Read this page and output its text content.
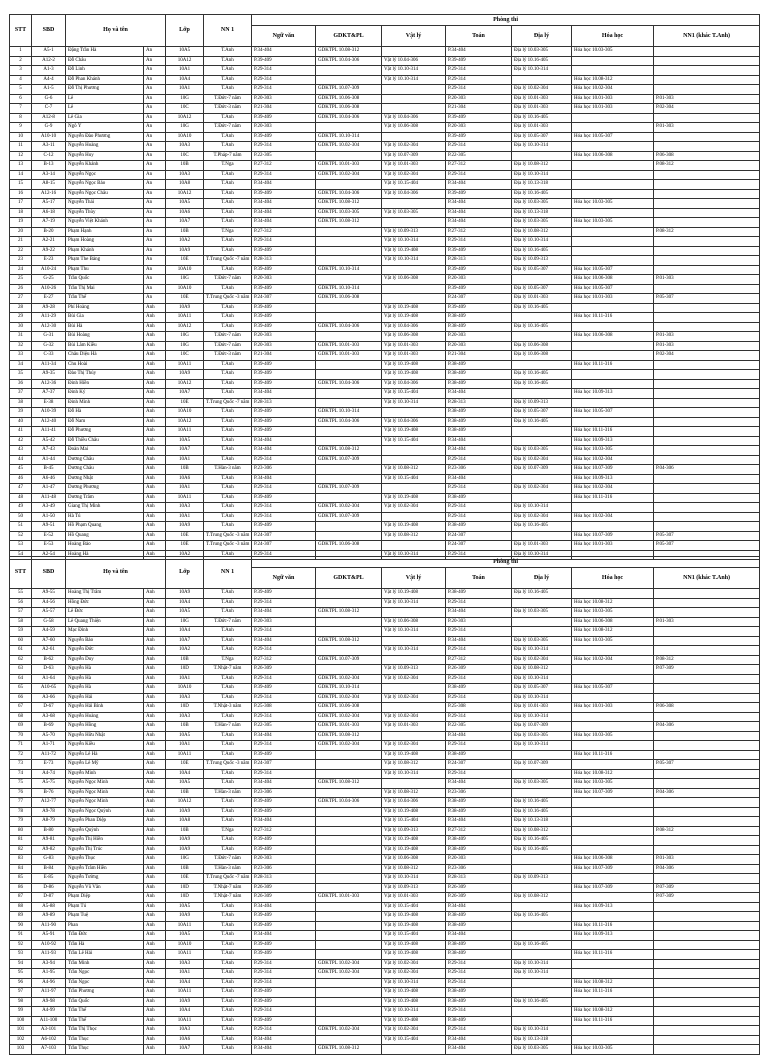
STT	SBD	Họ và tên		Lớp	NN 1	Phòng thi						
						Ngữ văn	GDKT&PL	Vật lý	Toán	Địa lý	Hóa học	NN1 (khác T.Anh)
1	A5-1	Đặng Trần Hà	An	10A5	T.Anh	P.34-404	GDKTPL 10.08-312		P.34-404	Địa lý 10.03-305	Hóa học 10.03-305	
2	A12-2	Đỗ Châu	An	10A12	T.Anh	P.39-409	GDKTPL 10.04-306	Vật lý 10.04-306	P.39-409	Địa lý 10.16-405		
3	A1-3	Đỗ Linh	An	10A1	T.Anh	P.29-314		Vật lý 10.10-314	P.29-314	Địa lý 10.10-314		
4	A4-4	Đỗ Phan Khánh	An	10A4	T.Anh	P.29-314		Vật lý 10.10-314	P.29-314		Hóa học 10.08-312	
5	A1-5	Đỗ Thị Phương	An	10A1	T.Anh	P.29-314	GDKTPL 10.07-309		P.29-314	Địa lý 10.02-304	Hóa học 10.02-304	
6	G-6	Lê	An	10G	T.Đức-7 năm	P.20-303	GDKTPL 10.06-308		P.20-303	Địa lý 10.01-303	Hóa học 10.01-303	P.01-303
7	C-7	Lê	An	10C	T.Đức-3 năm	P.21-304	GDKTPL 10.06-308		P.21-304	Địa lý 10.01-303	Hóa học 10.01-303	P.02-304
8	A12-8	Lê Gia	An	10A12	T.Anh	P.39-409	GDKTPL 10.04-306	Vật lý 10.04-306	P.39-409	Địa lý 10.16-405		
9	G-9	Ngô Ý	An	10G	T.Đức-7 năm	P.20-303		Vật lý 10.06-308	P.20-303	Địa lý 10.01-303		P.01-303
10	A10-10	Nguyễn Đào Phương	An	10A10	T.Anh	P.39-409	GDKTPL 10.10-314		P.39-409	Địa lý 10.05-307	Hóa học 10.05-307	
11	A3-11	Nguyễn Hoàng	An	10A3	T.Anh	P.29-314	GDKTPL 10.02-304	Vật lý 10.02-304	P.29-314	Địa lý 10.10-314		
12	C-12	Nguyễn Huy	An	10C	T.Pháp-7 năm	P.22-305		Vật lý 10.07-309	P.22-305		Hóa học 10.06-308	P.06-308
13	B-13	Nguyễn Khánh	An	10B	T.Nga	P.27-312	GDKTPL 10.01-303	Vật lý 10.01-303	P.27-312	Địa lý 10.08-312		P.08-312
14	A3-14	Nguyễn Ngọc	An	10A3	T.Anh	P.29-314	GDKTPL 10.02-304	Vật lý 10.02-304	P.29-314	Địa lý 10.10-314		
15	A8-15	Nguyễn Ngọc Bảo	An	10A8	T.Anh	P.34-404		Vật lý 10.15-404	P.34-404	Địa lý 10.13-318		
16	A12-16	Nguyễn Ngọc Châu	An	10A12	T.Anh	P.39-409	GDKTPL 10.04-306	Vật lý 10.04-306	P.39-409	Địa lý 10.16-405		
17	A5-17	Nguyễn Thái	An	10A5	T.Anh	P.34-404	GDKTPL 10.08-312		P.34-404	Địa lý 10.03-305	Hóa học 10.03-305	
18	A6-18	Nguyễn Thùy	An	10A6	T.Anh	P.34-404	GDKTPL 10.03-305	Vật lý 10.03-305	P.34-404	Địa lý 10.13-318		
19	A7-19	Nguyễn Việt Khánh	An	10A7	T.Anh	P.34-404	GDKTPL 10.08-312		P.34-404	Địa lý 10.03-305	Hóa học 10.03-305	
20	B-20	Phạm Hạnh	An	10B	T.Nga	P.27-312		Vật lý 10.09-313	P.27-312	Địa lý 10.08-312		P.08-312
21	A2-21	Phạm Hoàng	An	10A2	T.Anh	P.29-314		Vật lý 10.10-314	P.29-314	Địa lý 10.10-314		
22	A9-22	Phạm Khánh	An	10A9	T.Anh	P.39-409		Vật lý 10.19-408	P.39-409	Địa lý 10.16-405		
23	E-23	Phạm The Bảng	An	10E	T.Trung Quốc -7 năm	P.28-313		Vật lý 10.10-314	P.28-313	Địa lý 10.09-313		
24	A10-24	Phạm Thu	An	10A10	T.Anh	P.39-409	GDKTPL 10.10-314		P.39-409	Địa lý 10.05-307	Hóa học 10.05-307	
25	G-25	Trần Quốc	An	10G	T.Đức-7 năm	P.20-303		Vật lý 10.06-308	P.20-303		Hóa học 10.06-308	P.01-303
26	A10-26	Trần Thị Mai	An	10A10	T.Anh	P.39-409	GDKTPL 10.10-314		P.39-409	Địa lý 10.05-307	Hóa học 10.05-307	
27	E-27	Trần Thế	An	10E	T.Trung Quốc -3 năm	P.24-307	GDKTPL 10.06-308		P.24-307	Địa lý 10.01-303	Hóa học 10.01-303	P.05-307
28	A9-28	Phí Hoàng	Anh	10A9	T.Anh	P.39-409		Vật lý 10.19-408	P.39-409	Địa lý 10.16-405		
29	A11-29	Bùi Gia	Anh	10A11	T.Anh	P.39-409		Vật lý 10.19-408	P.38-409		Hóa học 10.11-316	
30	A12-30	Bùi Hà	Anh	10A12	T.Anh	P.39-409	GDKTPL 10.04-306	Vật lý 10.04-306	P.38-409	Địa lý 10.16-405		
31	G-31	Bùi Hoàng	Anh	10G	T.Đức-7 năm	P.20-303		Vật lý 10.06-308	P.20-303		Hóa học 10.06-308	P.01-303
32	G-32	Bùi Lâm Kiều	Anh	10G	T.Đức-7 năm	P.20-303	GDKTPL 10.01-303	Vật lý 10.01-303	P.20-303	Địa lý 10.06-308		P.01-303
33	C-33	Châu Diệu Hà	Anh	10C	T.Đức-3 năm	P.21-304	GDKTPL 10.01-303	Vật lý 10.01-303	P.21-304	Địa lý 10.06-308		P.02-304
34	A11-34	Chu Hoài	Anh	10A11	T.Anh	P.39-409		Vật lý 10.19-408	P.38-409		Hóa học 10.11-316	
35	A9-35	Đào Thị Thúy	Anh	10A9	T.Anh	P.39-409		Vật lý 10.19-408	P.38-409	Địa lý 10.16-405		
36	A12-36	Đinh Hiền	Anh	10A12	T.Anh	P.39-409	GDKTPL 10.04-306	Vật lý 10.04-306	P.38-409	Địa lý 10.16-405		
37	A7-37	Đinh Ký	Anh	10A7	T.Anh	P.34-404		Vật lý 10.15-404	P.34-404		Hóa học 10.09-313	
38	E-38	Đinh Minh	Anh	10E	T.Trung Quốc -7 năm	P.28-313		Vật lý 10.10-314	P.28-313	Địa lý 10.09-313		
39	A10-39	Đỗ Hà	Anh	10A10	T.Anh	P.39-409	GDKTPL 10.10-314		P.38-409	Địa lý 10.05-307	Hóa học 10.05-307	
40	A12-40	Đỗ Nam	Anh	10A12	T.Anh	P.39-409	GDKTPL 10.04-306	Vật lý 10.04-306	P.38-409	Địa lý 10.16-405		
41	A11-41	Đỗ Phương	Anh	10A11	T.Anh	P.39-409		Vật lý 10.19-408	P.38-409		Hóa học 10.11-316	
42	A5-42	Đỗ Thiều Châu	Anh	10A5	T.Anh	P.34-404		Vật lý 10.15-404	P.34-404		Hóa học 10.09-313	
43	A7-43	Đoàn Mai	Anh	10A7	T.Anh	P.34-404	GDKTPL 10.08-312		P.34-404	Địa lý 10.03-305	Hóa học 10.03-305	
44	A1-44	Dương Châu	Anh	10A1	T.Anh	P.29-314	GDKTPL 10.07-309		P.29-314	Địa lý 10.02-304	Hóa học 10.02-304	
45	B-45	Dương Châu	Anh	10B	T.Hàn-3 năm	P.23-306		Vật lý 10.08-312	P.23-306	Địa lý 10.07-309	Hóa học 10.07-309	P.04-306
46	A6-46	Dương Nhật	Anh	10A6	T.Anh	P.34-404		Vật lý 10.15-404	P.34-404		Hóa học 10.09-313	
47	A1-47	Dương Phương	Anh	10A1	T.Anh	P.29-314	GDKTPL 10.07-309		P.29-314	Địa lý 10.02-304	Hóa học 10.02-304	
48	A11-48	Dương Trâm	Anh	10A11	T.Anh	P.39-409		Vật lý 10.19-408	P.38-409		Hóa học 10.11-316	
49	A3-49	Giang Thị Minh	Anh	10A3	T.Anh	P.29-314	GDKTPL 10.02-304	Vật lý 10.02-304	P.29-314	Địa lý 10.10-314		
50	A1-50	Hà Tú	Anh	10A1	T.Anh	P.29-314	GDKTPL 10.07-309		P.29-314	Địa lý 10.02-304	Hóa học 10.02-304	
51	A9-51	Hồ Phạm Quang	Anh	10A9	T.Anh	P.39-409		Vật lý 10.19-408	P.38-409	Địa lý 10.16-405		
52	E-52	Hồ Quang	Anh	10E	T.Trung Quốc -3 năm	P.24-307		Vật lý 10.08-312	P.24-307		Hóa học 10.07-309	P.05-307
53	E-53	Hoàng Bảo	Anh	10E	T.Trung Quốc -3 năm	P.24-307	GDKTPL 10.06-308		P.24-307	Địa lý 10.01-303	Hóa học 10.01-303	P.05-307
54	A2-54	Hoàng Hà	Anh	10A2	T.Anh	P.29-314		Vật lý 10.10-314	P.29-314	Địa lý 10.10-314		
STT	SBD	Họ và tên		Lớp	NN 1	Phòng thi						
						Ngữ văn	GDKT&PL	Vật lý	Toán	Địa lý	Hóa học	NN1 (khác T.Anh)
55	A9-55	Hoàng Thị Trâm	Anh	10A9	T.Anh	P.39-409		Vật lý 10.19-408	P.38-409	Địa lý 10.16-405		
56	A4-56	Hồng Đức	Anh	10A4	T.Anh	P.29-314		Vật lý 10.10-314	P.29-314		Hóa học 10.08-312	
57	A5-57	Lê Đức	Anh	10A5	T.Anh	P.34-404	GDKTPL 10.08-312		P.34-404	Địa lý 10.03-305	Hóa học 10.03-305	
58	G-58	Lê Quang Thiện	Anh	10G	T.Đức-7 năm	P.20-303		Vật lý 10.06-308	P.20-303		Hóa học 10.06-308	P.01-303
59	A4-59	Mạc Đình	Anh	10A4	T.Anh	P.29-314		Vật lý 10.10-314	P.29-314		Hóa học 10.08-312	
60	A7-60	Nguyễn Bảo	Anh	10A7	T.Anh	P.34-404	GDKTPL 10.08-312		P.34-404	Địa lý 10.03-305	Hóa học 10.03-305	
61	A2-61	Nguyễn Đức	Anh	10A2	T.Anh	P.29-314		Vật lý 10.10-314	P.29-314	Địa lý 10.10-314		
62	B-62	Nguyễn Duy	Anh	10B	T.Nga	P.27-312	GDKTPL 10.07-309		P.27-312	Địa lý 10.02-304	Hóa học 10.02-304	P.08-312
63	D-63	Nguyễn Hà	Anh	10D	T.Nhật-7 năm	P.26-309		Vật lý 10.09-313	P.26-309	Địa lý 10.08-312		P.07-309
64	A1-64	Nguyễn Hà	Anh	10A1	T.Anh	P.29-314	GDKTPL 10.02-304	Vật lý 10.02-304	P.29-314	Địa lý 10.10-314		
65	A10-65	Nguyễn Hà	Anh	10A10	T.Anh	P.39-409	GDKTPL 10.10-314		P.38-409	Địa lý 10.05-307	Hóa học 10.05-307	
66	A3-66	Nguyễn Hải	Anh	10A3	T.Anh	P.29-314	GDKTPL 10.02-304	Vật lý 10.02-304	P.29-314	Địa lý 10.10-314		
67	D-67	Nguyễn Hải Bình	Anh	10D	T.Nhật-3 năm	P.25-308	GDKTPL 10.06-308		P.25-308	Địa lý 10.01-303	Hóa học 10.01-303	P.06-308
68	A3-68	Nguyễn Hoàng	Anh	10A3	T.Anh	P.29-314	GDKTPL 10.02-304	Vật lý 10.02-304	P.29-314	Địa lý 10.10-314		
69	B-69	Nguyễn Hồng	Anh	10B	T.Hàn-7 năm	P.22-305	GDKTPL 10.01-303	Vật lý 10.01-303	P.22-305	Địa lý 10.07-309		P.04-306
70	A5-70	Nguyễn Hữu Nhật	Anh	10A5	T.Anh	P.34-404	GDKTPL 10.08-312		P.34-404	Địa lý 10.03-305	Hóa học 10.03-305	
71	A1-71	Nguyễn Kiều	Anh	10A1	T.Anh	P.29-314	GDKTPL 10.02-304	Vật lý 10.02-304	P.29-314	Địa lý 10.10-314		
72	A11-72	Nguyễn Lê Hà	Anh	10A11	T.Anh	P.39-409		Vật lý 10.19-408	P.38-409		Hóa học 10.11-316	
73	E-73	Nguyễn Lê Mỹ	Anh	10E	T.Trung Quốc -3 năm	P.24-307		Vật lý 10.08-312	P.24-307	Địa lý 10.07-309		P.05-307
74	A4-74	Nguyễn Minh	Anh	10A4	T.Anh	P.29-314		Vật lý 10.10-314	P.29-314		Hóa học 10.08-312	
75	A5-75	Nguyễn Ngọc Minh	Anh	10A5	T.Anh	P.34-404	GDKTPL 10.08-312		P.34-404	Địa lý 10.03-305	Hóa học 10.03-305	
76	B-76	Nguyễn Ngọc Minh	Anh	10B	T.Hàn-3 năm	P.23-306		Vật lý 10.08-312	P.23-306		Hóa học 10.07-309	P.04-306
77	A12-77	Nguyễn Ngọc Minh	Anh	10A12	T.Anh	P.39-409	GDKTPL 10.04-306	Vật lý 10.04-306	P.38-409	Địa lý 10.16-405		
78	A9-78	Nguyễn Ngọc Quỳnh	Anh	10A9	T.Anh	P.39-409		Vật lý 10.19-408	P.38-409	Địa lý 10.16-405		
79	A8-79	Nguyễn Phan Diệp	Anh	10A8	T.Anh	P.34-404		Vật lý 10.15-404	P.34-404	Địa lý 10.13-318		
80	B-80	Nguyễn Quỳnh	Anh	10B	T.Nga	P.27-312		Vật lý 10.09-313	P.27-312	Địa lý 10.08-312		P.08-312
81	A9-81	Nguyễn Thị Hiền	Anh	10A9	T.Anh	P.39-409		Vật lý 10.19-408	P.38-409	Địa lý 10.16-405		
82	A9-82	Nguyễn Thị Trúc	Anh	10A9	T.Anh	P.39-409		Vật lý 10.19-408	P.38-409	Địa lý 10.16-405		
83	G-83	Nguyễn Thục	Anh	10G	T.Đức-7 năm	P.20-303		Vật lý 10.06-308	P.20-303		Hóa học 10.06-308	P.01-303
84	B-84	Nguyễn Trâm Hiền	Anh	10B	T.Hàn-3 năm	P.23-306		Vật lý 10.08-312	P.23-306		Hóa học 10.07-309	P.04-306
85	E-85	Nguyễn Tường	Anh	10E	T.Trung Quốc -7 năm	P.28-313		Vật lý 10.10-314	P.28-313	Địa lý 10.09-313		
86	D-86	Nguyễn Vũ Vân	Anh	10D	T.Nhật-7 năm	P.26-309		Vật lý 10.09-313	P.26-309		Hóa học 10.07-309	P.07-309
87	D-87	Phạm Diệp	Anh	10D	T.Nhật-7 năm	P.26-309	GDKTPL 10.01-303	Vật lý 10.01-303	P.26-309	Địa lý 10.08-312		P.07-309
88	A5-88	Phạm Tú	Anh	10A5	T.Anh	P.34-404		Vật lý 10.15-404	P.34-404		Hóa học 10.09-313	
89	A9-89	Phạm Tuệ	Anh	10A9	T.Anh	P.39-409		Vật lý 10.19-408	P.38-409	Địa lý 10.16-405		
90	A11-90	Phan	Anh	10A11	T.Anh	P.39-409		Vật lý 10.19-408	P.38-409		Hóa học 10.11-316	
91	A5-91	Trần Đức	Anh	10A5	T.Anh	P.34-404		Vật lý 10.15-404	P.34-404		Hóa học 10.09-313	
92	A10-92	Trần Hà	Anh	10A10	T.Anh	P.39-409		Vật lý 10.19-408	P.38-409	Địa lý 10.16-405		
93	A11-93	Trần Lê Hải	Anh	10A11	T.Anh	P.39-409		Vật lý 10.19-408	P.38-409		Hóa học 10.11-316	
94	A3-94	Trần Minh	Anh	10A3	T.Anh	P.29-314	GDKTPL 10.02-304	Vật lý 10.02-304	P.29-314	Địa lý 10.10-314		
95	A1-95	Trần Ngọc	Anh	10A1	T.Anh	P.29-314	GDKTPL 10.02-304	Vật lý 10.02-304	P.29-314	Địa lý 10.10-314		
96	A4-96	Trần Ngọc	Anh	10A4	T.Anh	P.29-314		Vật lý 10.10-314	P.29-314		Hóa học 10.08-312	
97	A11-97	Trần Phương	Anh	10A11	T.Anh	P.39-409		Vật lý 10.19-408	P.38-409		Hóa học 10.11-316	
98	A9-98	Trần Quốc	Anh	10A9	T.Anh	P.39-409		Vật lý 10.19-408	P.38-409	Địa lý 10.16-405		
99	A4-99	Trần Thế	Anh	10A4	T.Anh	P.29-314		Vật lý 10.10-314	P.29-314		Hóa học 10.08-312	
100	A11-100	Trần Thế	Anh	10A11	T.Anh	P.39-409		Vật lý 10.19-408	P.38-409		Hóa học 10.11-316	
101	A3-101	Trần Thị Thọc	Anh	10A3	T.Anh	P.29-314	GDKTPL 10.02-304	Vật lý 10.02-304	P.29-314	Địa lý 10.10-314		
102	A6-102	Trần Thục	Anh	10A6	T.Anh	P.34-404		Vật lý 10.15-404	P.34-404	Địa lý 10.13-318		
103	A7-103	Trần Thục	Anh	10A7	T.Anh	P.34-404	GDKTPL 10.08-312		P.34-404	Địa lý 10.03-305	Hóa học 10.03-305	
